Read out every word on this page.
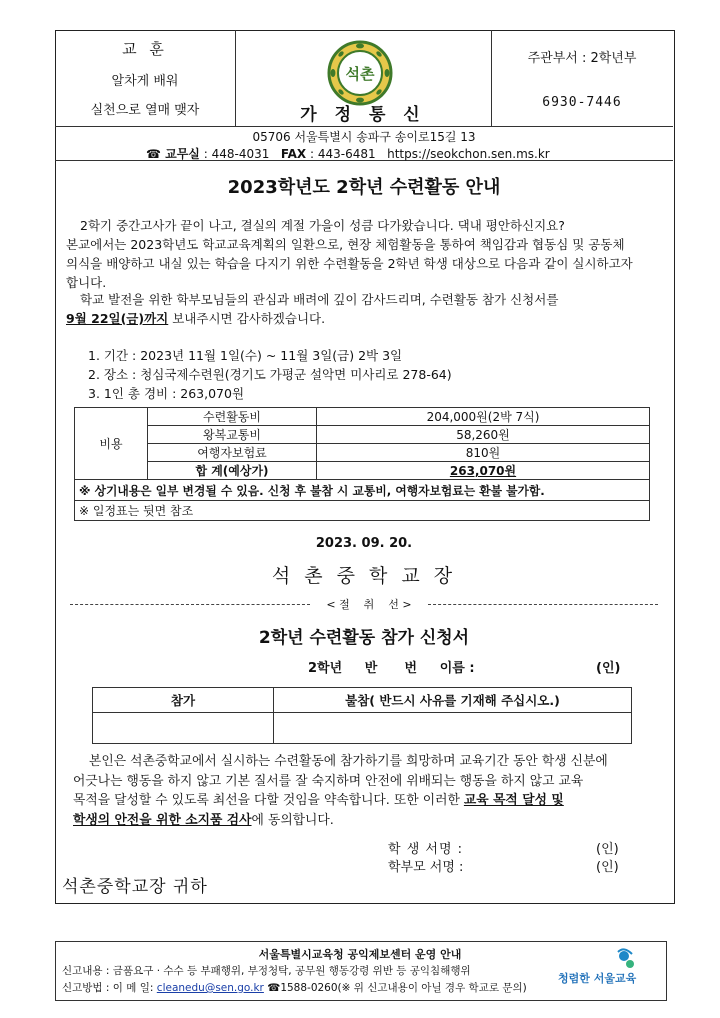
교 훈
알차게 배워
실천으로 열매 맺자
석촌
가 정 통 신
주관부서 : 2학년부
6930-7446
05706 서울특별시 송파구 송이로15길 13
☎ 교무실 : 448-4031 FAX : 443-6481 https://seokchon.sen.ms.kr
2023학년도 2학년 수련활동 안내
2학기 중간고사가 끝이 나고, 결실의 계절 가을이 성큼 다가왔습니다. 댁내 평안하신지요?
본교에서는 2023학년도 학교교육계획의 일환으로, 현장 체험활동을 통하여 책임감과 협동심 및 공동체
의식을 배양하고 내실 있는 학습을 다지기 위한 수련활동을 2학년 학생 대상으로 다음과 같이 실시하고자
합니다.
학교 발전을 위한 학부모님들의 관심과 배려에 깊이 감사드리며, 수련활동 참가 신청서를
9월 22일(금)까지 보내주시면 감사하겠습니다.
1. 기간 : 2023년 11월 1일(수) ~ 11월 3일(금) 2박 3일
2. 장소 : 청심국제수련원(경기도 가평군 설악면 미사리로 278-64)
3. 1인 총 경비 : 263,070원
비용	수련활동비	204,000원(2박 7식)
	왕복교통비	58,260원
	여행자보험료	810원
	합 계(예상가)	263,070원
※ 상기내용은 일부 변경될 수 있음. 신청 후 불참 시 교통비, 여행자보험료는 환불 불가함.		
※ 일정표는 뒷면 참조		
2023. 09. 20.
석 촌 중 학 교 장
< 절    취    선 >
2학년 수련활동 참가 신청서
2학년     반      번     이름 :	(인)
참가	불참( 반드시 사유를 기재해 주십시오.)

본인은 석촌중학교에서 실시하는 수련활동에 참가하기를 희망하며 교육기간 동안 학생 신분에
어긋나는 행동을 하지 않고 기본 질서를 잘 숙지하며 안전에 위배되는 행동을 하지 않고 교육
목적을 달성할 수 있도록 최선을 다할 것임을 약속합니다. 또한 이러한 교육 목적 달성 및
학생의 안전을 위한 소지품 검사에 동의합니다.
학 생 서명 :	(인)
학부모 서명 :	(인)
석촌중학교장 귀하
서울특별시교육청 공익제보센터 운영 안내
신고내용 : 금품요구 · 수수 등 부패행위, 부정청탁, 공무원 행동강령 위반 등 공익침해행위
신고방법 : 이 메 일: cleanedu@sen.go.kr ☎1588-0260(※ 위 신고내용이 아닐 경우 학교로 문의)
청렴한 서울교육
